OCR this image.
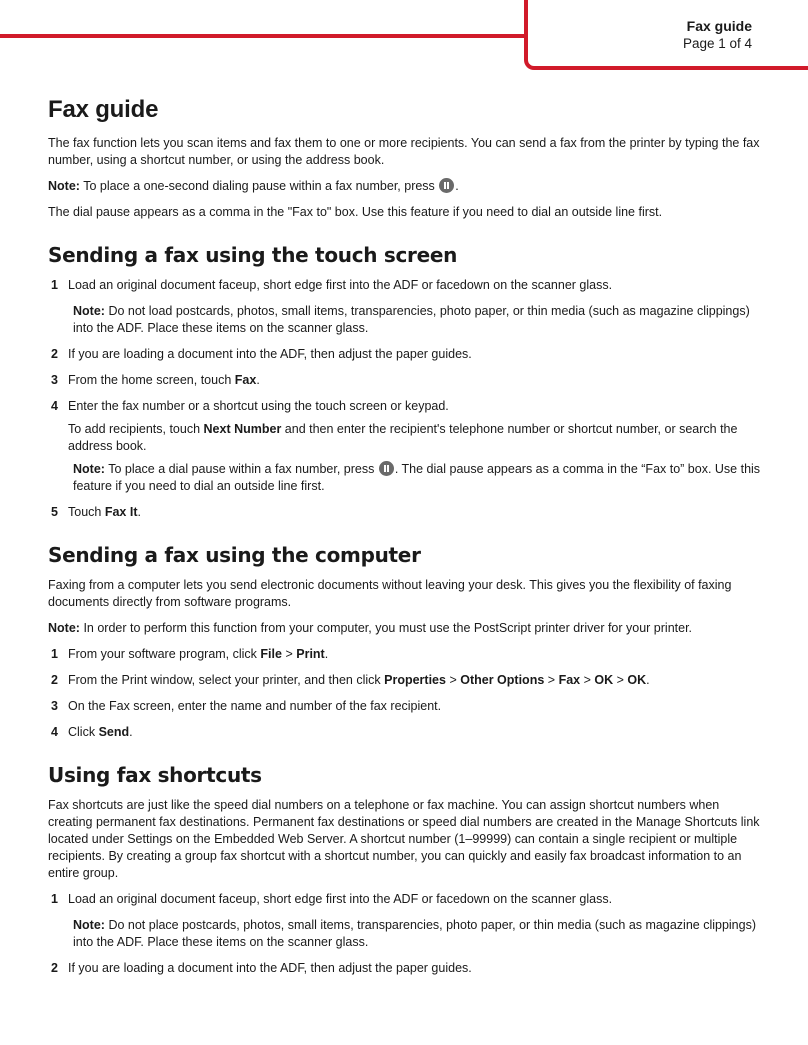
Fax guide
Page 1 of 4
Fax guide

The fax function lets you scan items and fax them to one or more recipients. You can send a fax from the printer by typing the fax number, using a shortcut number, or using the address book.

Note: To place a one-second dialing pause within a fax number, press .

The dial pause appears as a comma in the "Fax to" box. Use this feature if you need to dial an outside line first.

Sending a fax using the touch screen
1 Load an original document faceup, short edge first into the ADF or facedown on the scanner glass.
Note: Do not load postcards, photos, small items, transparencies, photo paper, or thin media (such as magazine clippings) into the ADF. Place these items on the scanner glass.
2 If you are loading a document into the ADF, then adjust the paper guides.
3 From the home screen, touch Fax.
4 Enter the fax number or a shortcut using the touch screen or keypad.
To add recipients, touch Next Number and then enter the recipient's telephone number or shortcut number, or search the address book.
Note: To place a dial pause within a fax number, press . The dial pause appears as a comma in the “Fax to” box. Use this feature if you need to dial an outside line first.
5 Touch Fax It.
Sending a fax using the computer

Faxing from a computer lets you send electronic documents without leaving your desk. This gives you the flexibility of faxing documents directly from software programs.

Note: In order to perform this function from your computer, you must use the PostScript printer driver for your printer.

1 From your software program, click File > Print.
2 From the Print window, select your printer, and then click Properties > Other Options > Fax > OK > OK.
3 On the Fax screen, enter the name and number of the fax recipient.
4 Click Send.
Using fax shortcuts

Fax shortcuts are just like the speed dial numbers on a telephone or fax machine. You can assign shortcut numbers when creating permanent fax destinations. Permanent fax destinations or speed dial numbers are created in the Manage Shortcuts link located under Settings on the Embedded Web Server. A shortcut number (1–99999) can contain a single recipient or multiple recipients. By creating a group fax shortcut with a shortcut number, you can quickly and easily fax broadcast information to an entire group.

1 Load an original document faceup, short edge first into the ADF or facedown on the scanner glass.
Note: Do not place postcards, photos, small items, transparencies, photo paper, or thin media (such as magazine clippings) into the ADF. Place these items on the scanner glass.
2 If you are loading a document into the ADF, then adjust the paper guides.
